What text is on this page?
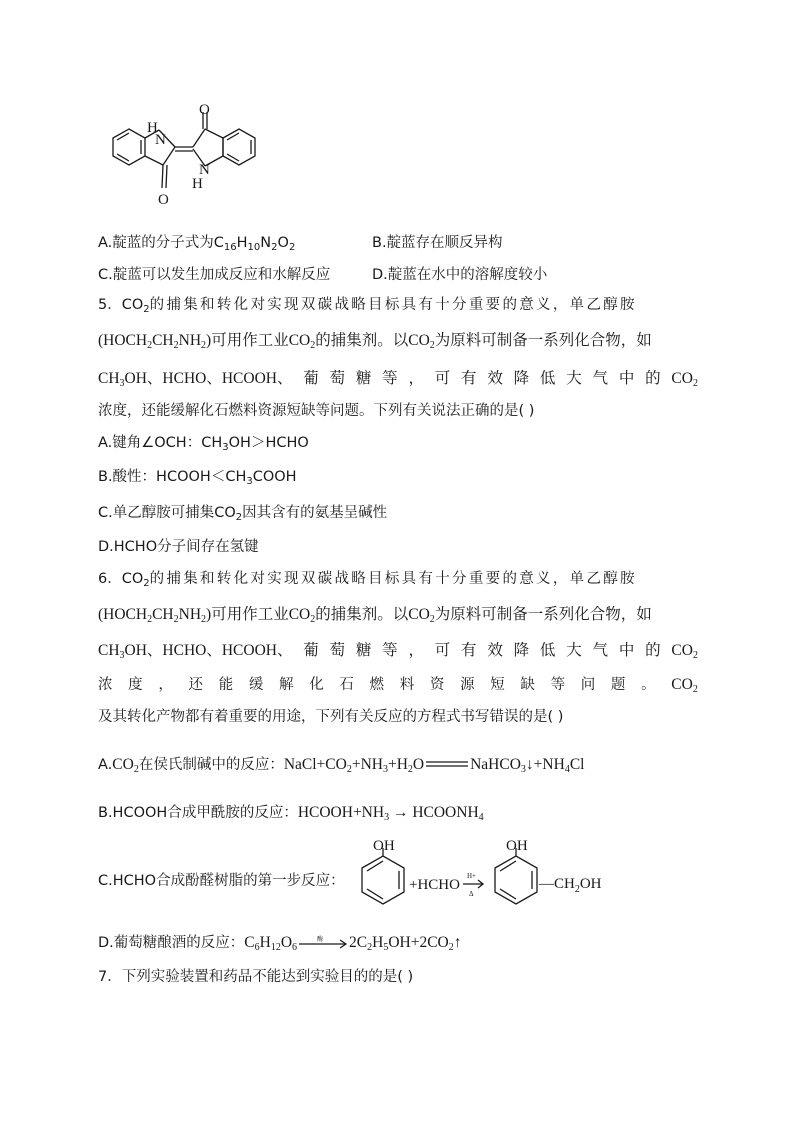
H
N
O
N
H
O
A.靛蓝的分子式为$C_{16}H_{10}N_2O_2$	B.靛蓝存在顺反异构
C.靛蓝可以发生加成反应和水解反应	D.靛蓝在水中的溶解度较小
5．$CO_2$的捕集和转化对实现双碳战略目标具有十分重要的意义，单乙醇胺
$(HOCH_2CH_2NH_2)$可用作工业$CO_2$的捕集剂。以$CO_2$为原料可制备一系列化合物，如
$CH_3OH$、HCHO、HCOOH、 葡 萄 糖 等 ， 可 有 效 降 低 大 气 中 的 $CO_2$
浓度，还能缓解化石燃料资源短缺等问题。下列有关说法正确的是( )
A.键角∠OCH：$CH_3OH>HCHO$
B.酸性：$HCOOH<CH_3COOH$
C.单乙醇胺可捕集$CO_2$因其含有的氨基呈碱性
D.HCHO分子间存在氢键
6．$CO_2$的捕集和转化对实现双碳战略目标具有十分重要的意义，单乙醇胺
$(HOCH_2CH_2NH_2)$可用作工业$CO_2$的捕集剂。以$CO_2$为原料可制备一系列化合物，如
$CH_3OH$、HCHO、HCOOH、 葡 萄 糖 等 ， 可 有 效 降 低 大 气 中 的 $CO_2$
浓 度 ， 还 能 缓 解 化 石 燃 料 资 源 短 缺 等 问 题 。 $CO_2$
及其转化产物都有着重要的用途，下列有关反应的方程式书写错误的是( )
$A.CO_2$在侯氏制碱中的反应：$NaCl+CO_2+NH_3+H_2O$	$NaHCO_3↓+NH_4Cl$
B.HCOOH合成甲酰胺的反应：$HCOOH+NH_3$ → $HCOONH_4$
C.HCHO合成酚醛树脂的第一步反应：
OH
+HCHO
H+
Δ
OH
$—CH_2OH$
D.葡萄糖酿酒的反应：$C_6H_{12}O_6$
酶 $2C_2H_5OH+2CO_2↑$
7．下列实验装置和药品不能达到实验目的的是( )
